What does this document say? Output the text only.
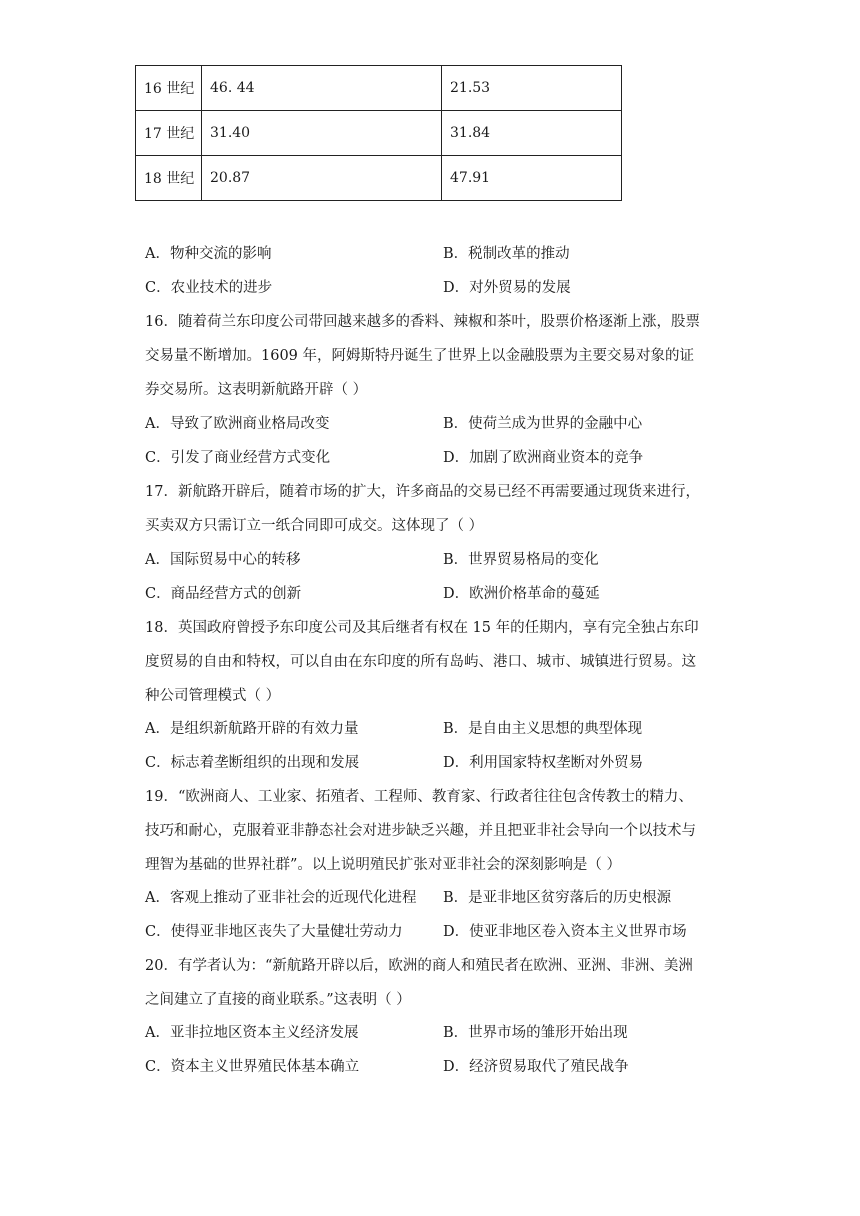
16 世纪	46. 44	21.53
17 世纪	31.40	31.84
18 世纪	20.87	47.91
A．物种交流的影响	B．税制改革的推动
C．农业技术的进步	D．对外贸易的发展
16．随着荷兰东印度公司带回越来越多的香料、辣椒和茶叶，股票价格逐渐上涨，股票
交易量不断增加。1609 年，阿姆斯特丹诞生了世界上以金融股票为主要交易对象的证
券交易所。这表明新航路开辟（ ）
A．导致了欧洲商业格局改变	B．使荷兰成为世界的金融中心
C．引发了商业经营方式变化	D．加剧了欧洲商业资本的竞争
17．新航路开辟后，随着市场的扩大，许多商品的交易已经不再需要通过现货来进行，
买卖双方只需订立一纸合同即可成交。这体现了（ ）
A．国际贸易中心的转移	B．世界贸易格局的变化
C．商品经营方式的创新	D．欧洲价格革命的蔓延
18．英国政府曾授予东印度公司及其后继者有权在 15 年的任期内，享有完全独占东印
度贸易的自由和特权，可以自由在东印度的所有岛屿、港口、城市、城镇进行贸易。这
种公司管理模式（ ）
A．是组织新航路开辟的有效力量	B．是自由主义思想的典型体现
C．标志着垄断组织的出现和发展	D．利用国家特权垄断对外贸易
19．“欧洲商人、工业家、拓殖者、工程师、教育家、行政者往往包含传教士的精力、
技巧和耐心，克服着亚非静态社会对进步缺乏兴趣，并且把亚非社会导向一个以技术与
理智为基础的世界社群”。以上说明殖民扩张对亚非社会的深刻影响是（ ）
A．客观上推动了亚非社会的近现代化进程 B．是亚非地区贫穷落后的历史根源
C．使得亚非地区丧失了大量健壮劳动力	D．使亚非地区卷入资本主义世界市场
20．有学者认为：“新航路开辟以后，欧洲的商人和殖民者在欧洲、亚洲、非洲、美洲
之间建立了直接的商业联系。”这表明（ ）
A．亚非拉地区资本主义经济发展	B．世界市场的雏形开始出现
C．资本主义世界殖民体基本确立	D．经济贸易取代了殖民战争
